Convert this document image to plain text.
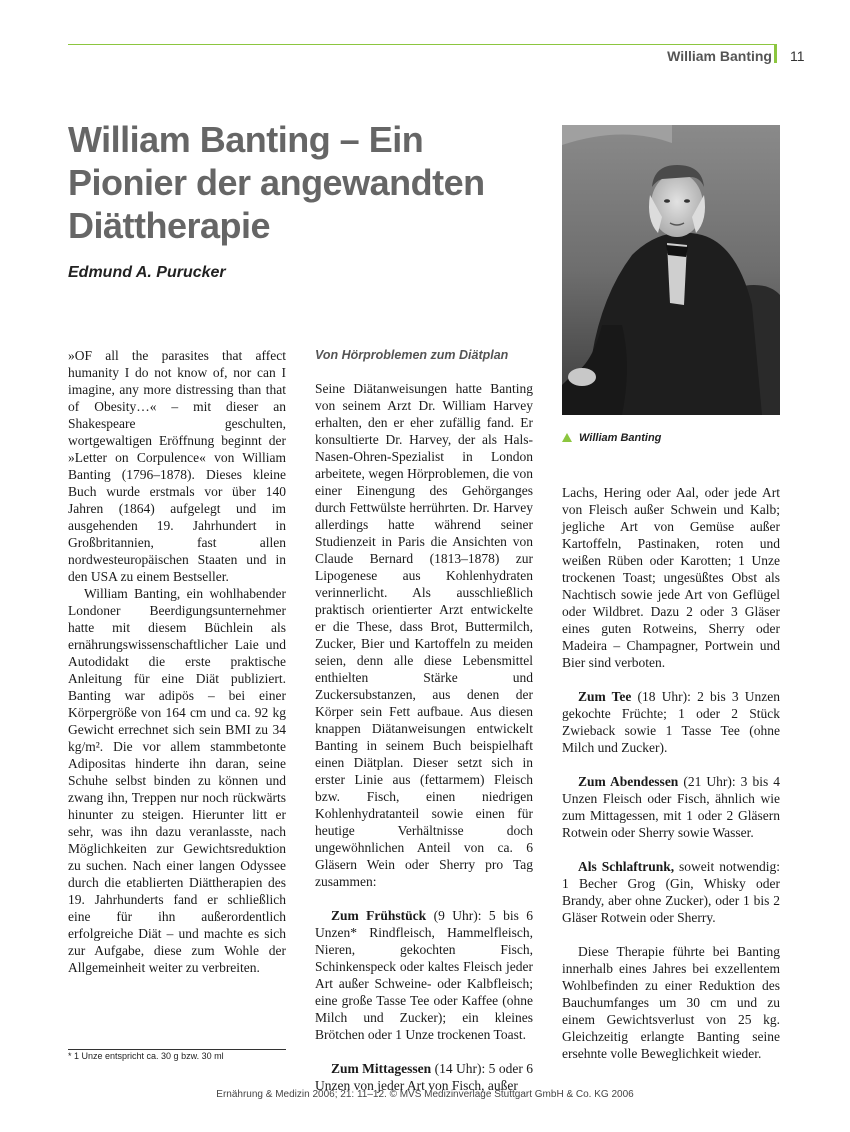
William Banting 11
William Banting – Ein Pionier der angewandten Diättherapie
Edmund A. Purucker
William Banting

»OF all the parasites that affect humanity I do not know of, nor can I imagine, any more distressing than that of Obesity…« – mit dieser an Shakespeare geschulten, wortgewaltigen Eröffnung beginnt der »Letter on Corpulence« von William Banting (1796–1878). Dieses kleine Buch wurde erstmals vor über 140 Jahren (1864) aufgelegt und im ausgehenden 19. Jahrhundert in Großbritannien, fast allen nordwesteuropäischen Staaten und in den USA zu einem Bestseller.

William Banting, ein wohlhabender Londoner Beerdigungsunternehmer hatte mit diesem Büchlein als ernährungswissenschaftlicher Laie und Autodidakt die erste praktische Anleitung für eine Diät publiziert. Banting war adipös – bei einer Körpergröße von 164 cm und ca. 92 kg Gewicht errechnet sich sein BMI zu 34 kg/m². Die vor allem stammbetonte Adipositas hinderte ihn daran, seine Schuhe selbst binden zu können und zwang ihn, Treppen nur noch rückwärts hinunter zu steigen. Hierunter litt er sehr, was ihn dazu veranlasste, nach Möglichkeiten zur Gewichtsreduktion zu suchen. Nach einer langen Odyssee durch die etablierten Diättherapien des 19. Jahrhunderts fand er schließlich eine für ihn außerordentlich erfolgreiche Diät – und machte es sich zur Aufgabe, diese zum Wohle der Allgemeinheit weiter zu verbreiten.

Von Hörproblemen zum Diätplan

Seine Diätanweisungen hatte Banting von seinem Arzt Dr. William Harvey erhalten, den er eher zufällig fand. Er konsultierte Dr. Harvey, der als Hals-Nasen-Ohren-Spezialist in London arbeitete, wegen Hörproblemen, die von einer Einengung des Gehörganges durch Fettwülste herrührten. Dr. Harvey allerdings hatte während seiner Studienzeit in Paris die Ansichten von Claude Bernard (1813–1878) zur Lipogenese aus Kohlenhydraten verinnerlicht. Als ausschließlich praktisch orientierter Arzt entwickelte er die These, dass Brot, Buttermilch, Zucker, Bier und Kartoffeln zu meiden seien, denn alle diese Lebensmittel enthielten Stärke und Zuckersubstanzen, aus denen der Körper sein Fett aufbaue. Aus diesen knappen Diätanweisungen entwickelt Banting in seinem Buch beispielhaft einen Diätplan. Dieser setzt sich in erster Linie aus (fettarmem) Fleisch bzw. Fisch, einen niedrigen Kohlenhydratanteil sowie einen für heutige Verhältnisse doch ungewöhnlichen Anteil von ca. 6 Gläsern Wein oder Sherry pro Tag zusammen:

Zum Frühstück (9 Uhr): 5 bis 6 Unzen* Rindfleisch, Hammelfleisch, Nieren, gekochten Fisch, Schinkenspeck oder kaltes Fleisch jeder Art außer Schweine- oder Kalbfleisch; eine große Tasse Tee oder Kaffee (ohne Milch und Zucker); ein kleines Brötchen oder 1 Unze trockenen Toast.

Zum Mittagessen (14 Uhr): 5 oder 6 Unzen von jeder Art von Fisch, außer

Lachs, Hering oder Aal, oder jede Art von Fleisch außer Schwein und Kalb; jegliche Art von Gemüse außer Kartoffeln, Pastinaken, roten und weißen Rüben oder Karotten; 1 Unze trockenen Toast; ungesüßtes Obst als Nachtisch sowie jede Art von Geflügel oder Wildbret. Dazu 2 oder 3 Gläser eines guten Rotweins, Sherry oder Madeira – Champagner, Portwein und Bier sind verboten.

Zum Tee (18 Uhr): 2 bis 3 Unzen gekochte Früchte; 1 oder 2 Stück Zwieback sowie 1 Tasse Tee (ohne Milch und Zucker).

Zum Abendessen (21 Uhr): 3 bis 4 Unzen Fleisch oder Fisch, ähnlich wie zum Mittagessen, mit 1 oder 2 Gläsern Rotwein oder Sherry sowie Wasser.

Als Schlaftrunk, soweit notwendig: 1 Becher Grog (Gin, Whisky oder Brandy, aber ohne Zucker), oder 1 bis 2 Gläser Rotwein oder Sherry.

Diese Therapie führte bei Banting innerhalb eines Jahres bei exzellentem Wohlbefinden zu einer Reduktion des Bauchumfanges um 30 cm und zu einem Gewichtsverlust von 25 kg. Gleichzeitig erlangte Banting seine ersehnte volle Beweglichkeit wieder.

* 1 Unze entspricht ca. 30 g bzw. 30 ml
Ernährung & Medizin 2006; 21: 11–12. © MVS Medizinverlage Stuttgart GmbH & Co. KG 2006
